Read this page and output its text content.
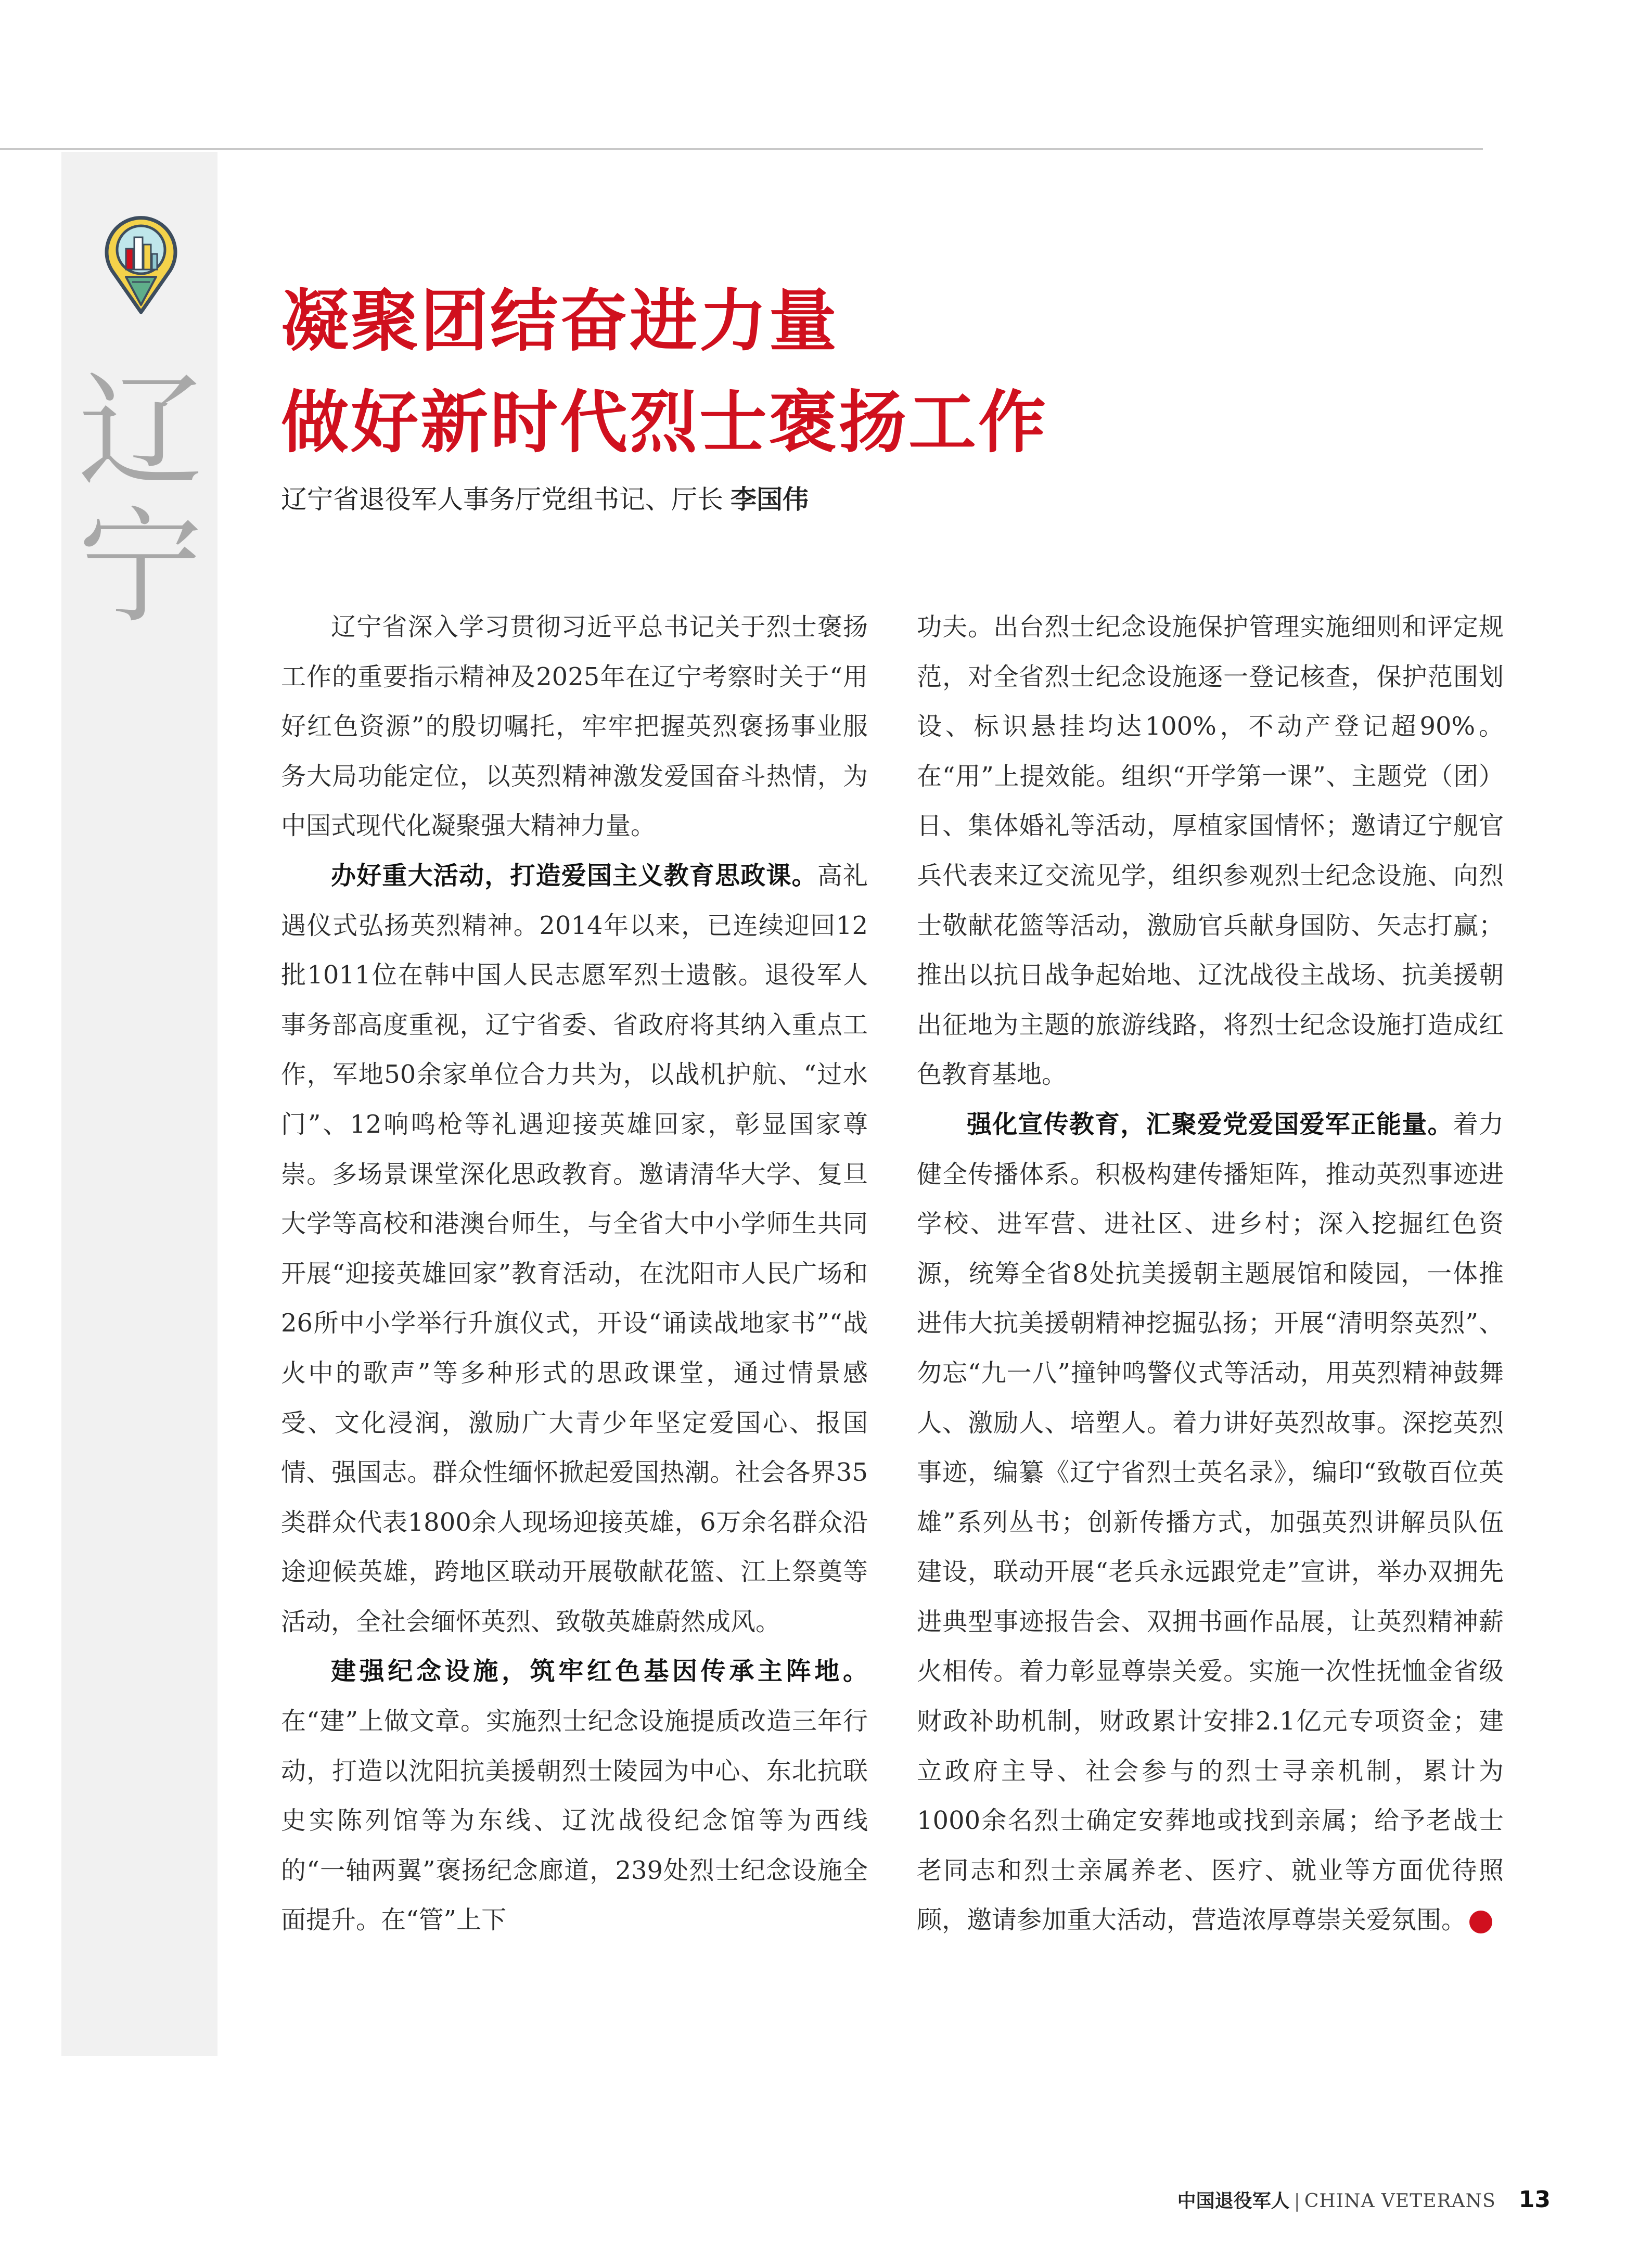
辽宁
凝聚团结奋进力量
做好新时代烈士褒扬工作
辽宁省退役军人事务厅党组书记、厅长 李国伟

辽宁省深入学习贯彻习近平总书记关于烈士褒扬工作的重要指示精神及2025年在辽宁考察时关于“用好红色资源”的殷切嘱托，牢牢把握英烈褒扬事业服务大局功能定位，以英烈精神激发爱国奋斗热情，为中国式现代化凝聚强大精神力量。

办好重大活动，打造爱国主义教育思政课。高礼遇仪式弘扬英烈精神。2014年以来，已连续迎回12批1011位在韩中国人民志愿军烈士遗骸。退役军人事务部高度重视，辽宁省委、省政府将其纳入重点工作，军地50余家单位合力共为，以战机护航、“过水门”、12响鸣枪等礼遇迎接英雄回家，彰显国家尊崇。多场景课堂深化思政教育。邀请清华大学、复旦大学等高校和港澳台师生，与全省大中小学师生共同开展“迎接英雄回家”教育活动，在沈阳市人民广场和26所中小学举行升旗仪式，开设“诵读战地家书”“战火中的歌声”等多种形式的思政课堂，通过情景感受、文化浸润，激励广大青少年坚定爱国心、报国情、强国志。群众性缅怀掀起爱国热潮。社会各界35类群众代表1800余人现场迎接英雄，6万余名群众沿途迎候英雄，跨地区联动开展敬献花篮、江上祭奠等活动，全社会缅怀英烈、致敬英雄蔚然成风。

建强纪念设施，筑牢红色基因传承主阵地。在“建”上做文章。实施烈士纪念设施提质改造三年行动，打造以沈阳抗美援朝烈士陵园为中心、东北抗联史实陈列馆等为东线、辽沈战役纪念馆等为西线的“一轴两翼”褒扬纪念廊道，239处烈士纪念设施全面提升。在“管”上下

功夫。出台烈士纪念设施保护管理实施细则和评定规范，对全省烈士纪念设施逐一登记核查，保护范围划设、标识悬挂均达100%，不动产登记超90%。在“用”上提效能。组织“开学第一课”、主题党（团）日、集体婚礼等活动，厚植家国情怀；邀请辽宁舰官兵代表来辽交流见学，组织参观烈士纪念设施、向烈士敬献花篮等活动，激励官兵献身国防、矢志打赢；推出以抗日战争起始地、辽沈战役主战场、抗美援朝出征地为主题的旅游线路，将烈士纪念设施打造成红色教育基地。

强化宣传教育，汇聚爱党爱国爱军正能量。着力健全传播体系。积极构建传播矩阵，推动英烈事迹进学校、进军营、进社区、进乡村；深入挖掘红色资源，统筹全省8处抗美援朝主题展馆和陵园，一体推进伟大抗美援朝精神挖掘弘扬；开展“清明祭英烈”、勿忘“九一八”撞钟鸣警仪式等活动，用英烈精神鼓舞人、激励人、培塑人。着力讲好英烈故事。深挖英烈事迹，编纂《辽宁省烈士英名录》，编印“致敬百位英雄”系列丛书；创新传播方式，加强英烈讲解员队伍建设，联动开展“老兵永远跟党走”宣讲，举办双拥先进典型事迹报告会、双拥书画作品展，让英烈精神薪火相传。着力彰显尊崇关爱。实施一次性抚恤金省级财政补助机制，财政累计安排2.1亿元专项资金；建立政府主导、社会参与的烈士寻亲机制，累计为1000余名烈士确定安葬地或找到亲属；给予老战士老同志和烈士亲属养老、医疗、就业等方面优待照顾，邀请参加重大活动，营造浓厚尊崇关爱氛围。	V

中国退役军人 | CHINA VETERANS 13
